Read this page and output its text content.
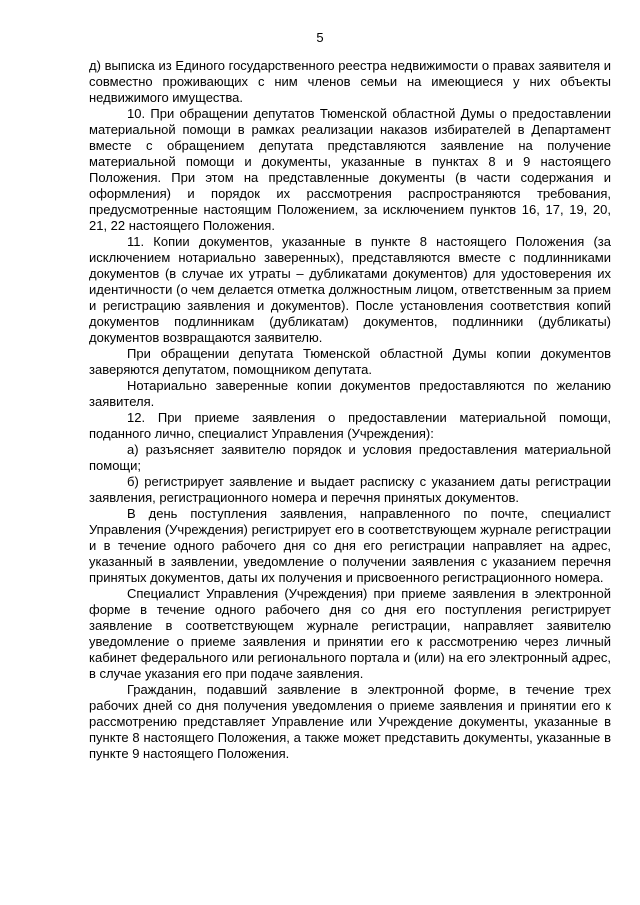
5

д) выписка из Единого государственного реестра недвижимости о правах заявителя и совместно проживающих с ним членов семьи на имеющиеся у них объекты недвижимого имущества.

10. При обращении депутатов Тюменской областной Думы о предоставлении материальной помощи в рамках реализации наказов избирателей в Департамент вместе с обращением депутата представляются заявление на получение материальной помощи и документы, указанные в пунктах 8 и 9 настоящего Положения. При этом на представленные документы (в части содержания и оформления) и порядок их рассмотрения распространяются требования, предусмотренные настоящим Положением, за исключением пунктов 16, 17, 19, 20, 21, 22 настоящего Положения.

11. Копии документов, указанные в пункте 8 настоящего Положения (за исключением нотариально заверенных), представляются вместе с подлинниками документов (в случае их утраты – дубликатами документов) для удостоверения их идентичности (о чем делается отметка должностным лицом, ответственным за прием и регистрацию заявления и документов). После установления соответствия копий документов подлинникам (дубликатам) документов, подлинники (дубликаты) документов возвращаются заявителю.

При обращении депутата Тюменской областной Думы копии документов заверяются депутатом, помощником депутата.

Нотариально заверенные копии документов предоставляются по желанию заявителя.

12. При приеме заявления о предоставлении материальной помощи, поданного лично, специалист Управления (Учреждения):

а) разъясняет заявителю порядок и условия предоставления материальной помощи;

б) регистрирует заявление и выдает расписку с указанием даты регистрации заявления, регистрационного номера и перечня принятых документов.

В день поступления заявления, направленного по почте, специалист Управления (Учреждения) регистрирует его в соответствующем журнале регистрации и в течение одного рабочего дня со дня его регистрации направляет на адрес, указанный в заявлении, уведомление о получении заявления с указанием перечня принятых документов, даты их получения и присвоенного регистрационного номера.

Специалист Управления (Учреждения) при приеме заявления в электронной форме в течение одного рабочего дня со дня его поступления регистрирует заявление в соответствующем журнале регистрации, направляет заявителю уведомление о приеме заявления и принятии его к рассмотрению через личный кабинет федерального или регионального портала и (или) на его электронный адрес, в случае указания его при подаче заявления.

Гражданин, подавший заявление в электронной форме, в течение трех рабочих дней со дня получения уведомления о приеме заявления и принятии его к рассмотрению представляет Управление или Учреждение документы, указанные в пункте 8 настоящего Положения, а также может представить документы, указанные в пункте 9 настоящего Положения.
